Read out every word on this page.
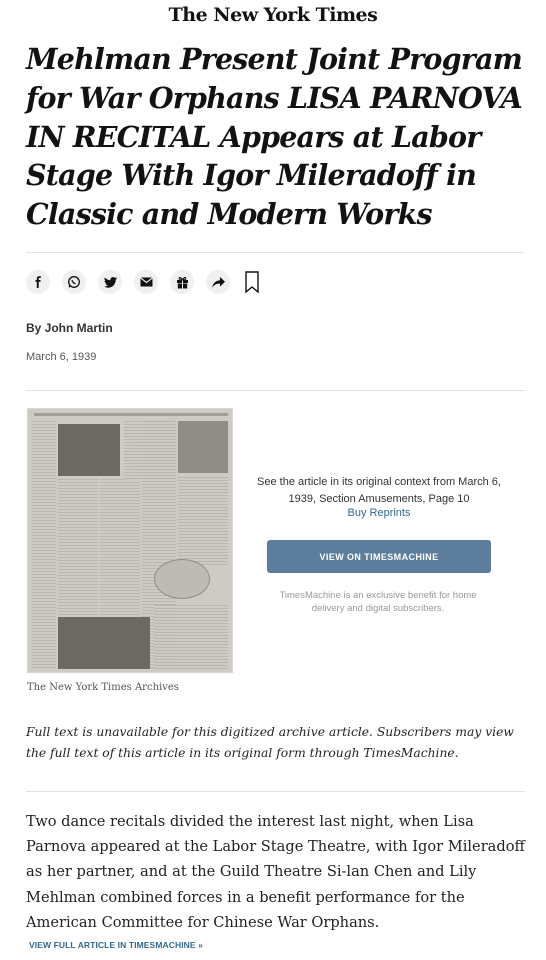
The New York Times
Mehlman Present Joint Program for War Orphans LISA PARNOVA IN RECITAL Appears at Labor Stage With Igor Mileradoff in Classic and Modern Works
By John Martin
March 6, 1939
See the article in its original context from March 6, 1939, Section Amusements, Page 10
Buy Reprints
VIEW ON TIMESMACHINE
TimesMachine is an exclusive benefit for home delivery and digital subscribers.
The New York Times Archives

Full text is unavailable for this digitized archive article. Subscribers may view the full text of this article in its original form through TimesMachine.

Two dance recitals divided the interest last night, when Lisa Parnova appeared at the Labor Stage Theatre, with Igor Mileradoff as her partner, and at the Guild Theatre Si-lan Chen and Lily Mehlman combined forces in a benefit performance for the American Committee for Chinese War Orphans.

VIEW FULL ARTICLE IN TIMESMACHINE »
